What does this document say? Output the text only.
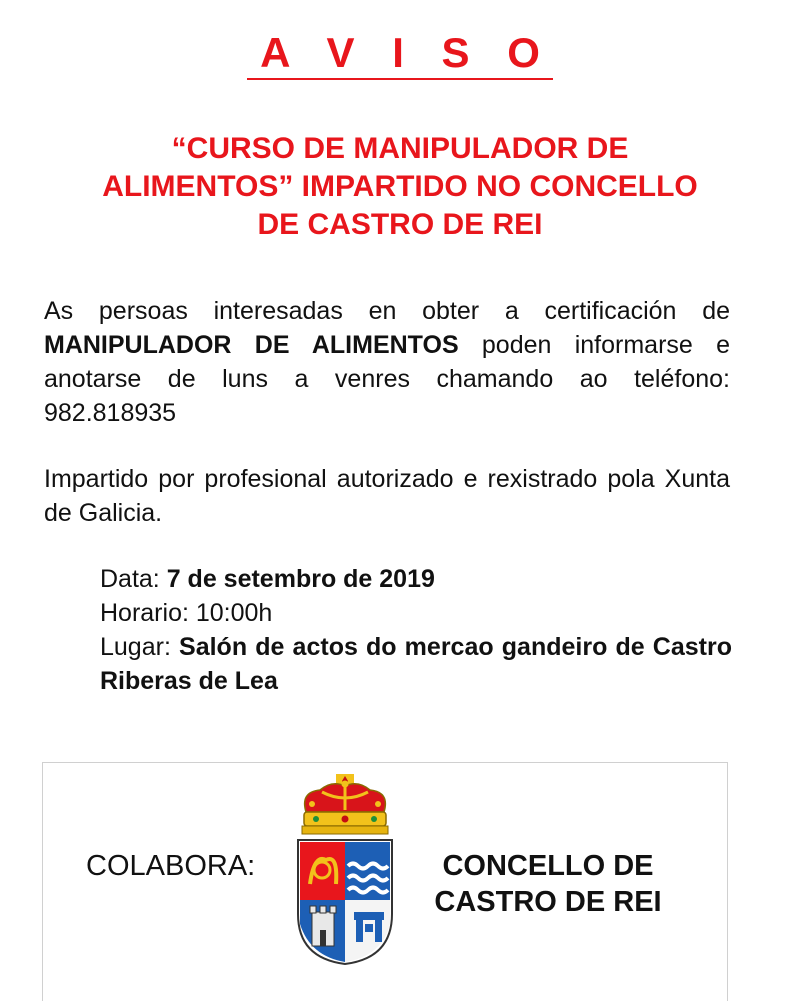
A V I S O
“CURSO DE MANIPULADOR DE
ALIMENTOS” IMPARTIDO NO CONCELLO
DE CASTRO DE REI
As persoas interesadas en obter a certificación de MANIPULADOR DE ALIMENTOS poden informarse e anotarse de luns a venres chamando ao teléfono: 982.818935
Impartido por profesional autorizado e rexistrado pola Xunta de Galicia.
Data: 7 de setembro de 2019
Horario: 10:00h
Lugar: Salón de actos do mercao gandeiro de Castro Riberas de Lea
COLABORA:	CONCELLO DE
CASTRO DE REI
